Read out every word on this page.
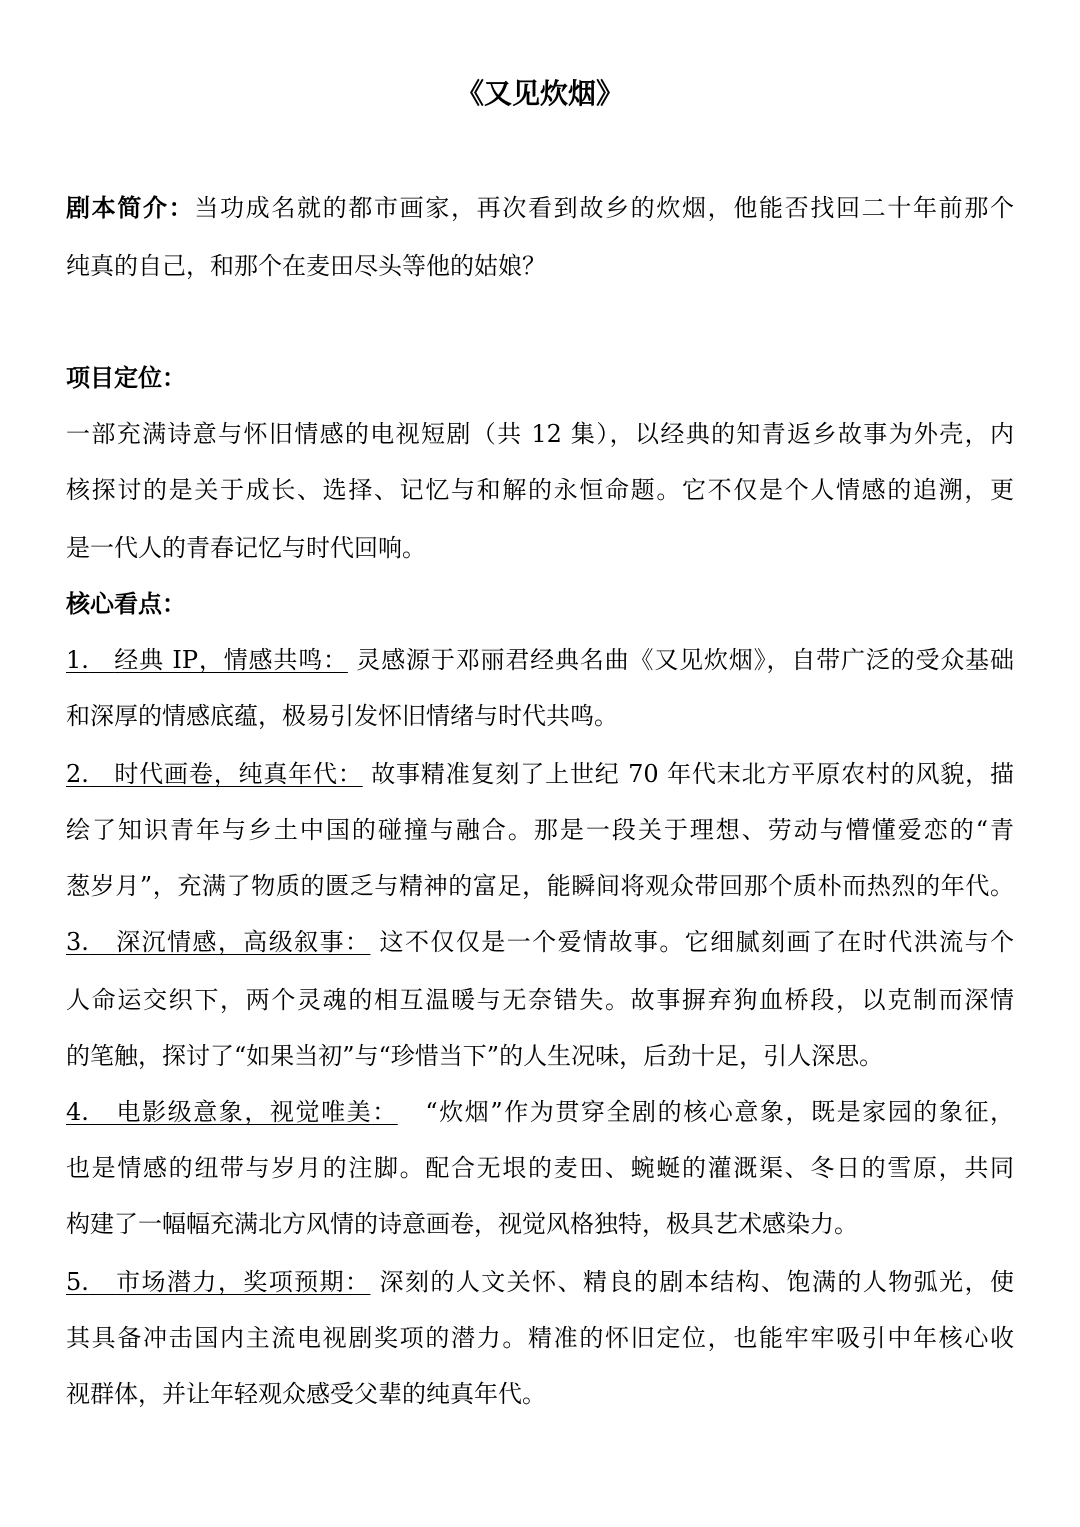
《又见炊烟》
剧本简介：当功成名就的都市画家，再次看到故乡的炊烟，他能否找回二十年前那个
纯真的自己，和那个在麦田尽头等他的姑娘？
项目定位：
一部充满诗意与怀旧情感的电视短剧（共 12 集），以经典的知青返乡故事为外壳，内
核探讨的是关于成长、选择、记忆与和解的永恒命题。它不仅是个人情感的追溯，更
是一代人的青春记忆与时代回响。
核心看点：
1. 经典 IP，情感共鸣： 灵感源于邓丽君经典名曲《又见炊烟》，自带广泛的受众基础
和深厚的情感底蕴，极易引发怀旧情绪与时代共鸣。
2. 时代画卷，纯真年代： 故事精准复刻了上世纪 70 年代末北方平原农村的风貌，描
绘了知识青年与乡土中国的碰撞与融合。那是一段关于理想、劳动与懵懂爱恋的“青
葱岁月”，充满了物质的匮乏与精神的富足，能瞬间将观众带回那个质朴而热烈的年代。
3. 深沉情感，高级叙事： 这不仅仅是一个爱情故事。它细腻刻画了在时代洪流与个
人命运交织下，两个灵魂的相互温暖与无奈错失。故事摒弃狗血桥段，以克制而深情
的笔触，探讨了“如果当初”与“珍惜当下”的人生况味，后劲十足，引人深思。
4. 电影级意象，视觉唯美： “炊烟”作为贯穿全剧的核心意象，既是家园的象征，
也是情感的纽带与岁月的注脚。配合无垠的麦田、蜿蜒的灌溉渠、冬日的雪原，共同
构建了一幅幅充满北方风情的诗意画卷，视觉风格独特，极具艺术感染力。
5. 市场潜力，奖项预期： 深刻的人文关怀、精良的剧本结构、饱满的人物弧光，使
其具备冲击国内主流电视剧奖项的潜力。精准的怀旧定位，也能牢牢吸引中年核心收
视群体，并让年轻观众感受父辈的纯真年代。
